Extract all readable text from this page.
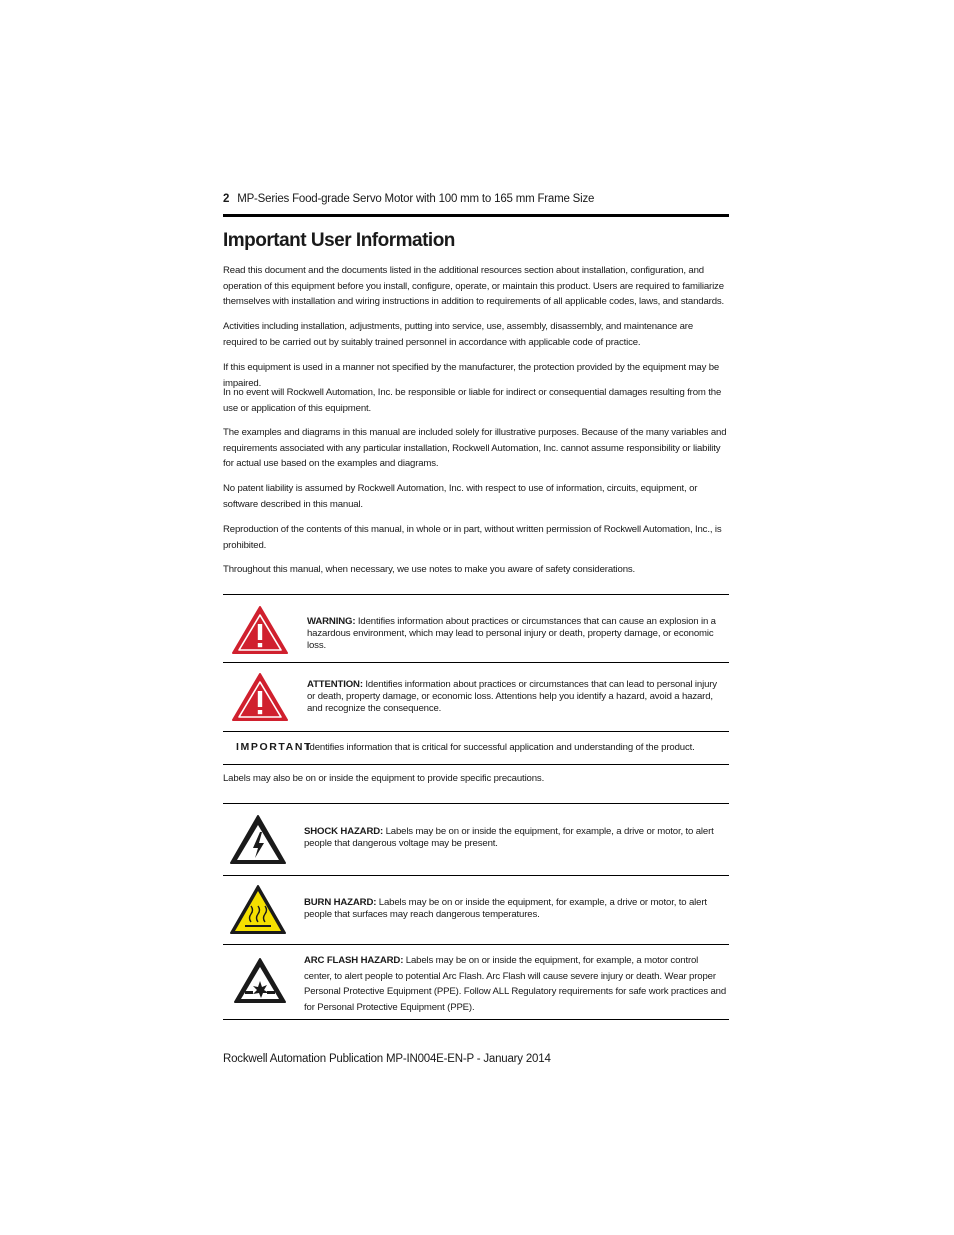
2 MP-Series Food-grade Servo Motor with 100 mm to 165 mm Frame Size
Important User Information

Read this document and the documents listed in the additional resources section about installation, configuration, and operation of this equipment before you install, configure, operate, or maintain this product. Users are required to familiarize themselves with installation and wiring instructions in addition to requirements of all applicable codes, laws, and standards.

Activities including installation, adjustments, putting into service, use, assembly, disassembly, and maintenance are required to be carried out by suitably trained personnel in accordance with applicable code of practice.

If this equipment is used in a manner not specified by the manufacturer, the protection provided by the equipment may be impaired.

In no event will Rockwell Automation, Inc. be responsible or liable for indirect or consequential damages resulting from the use or application of this equipment.

The examples and diagrams in this manual are included solely for illustrative purposes. Because of the many variables and requirements associated with any particular installation, Rockwell Automation, Inc. cannot assume responsibility or liability for actual use based on the examples and diagrams.

No patent liability is assumed by Rockwell Automation, Inc. with respect to use of information, circuits, equipment, or software described in this manual.

Reproduction of the contents of this manual, in whole or in part, without written permission of Rockwell Automation, Inc., is prohibited.

Throughout this manual, when necessary, we use notes to make you aware of safety considerations.

WARNING: Identifies information about practices or circumstances that can cause an explosion in a hazardous environment, which may lead to personal injury or death, property damage, or economic loss.
ATTENTION: Identifies information about practices or circumstances that can lead to personal injury or death, property damage, or economic loss. Attentions help you identify a hazard, avoid a hazard, and recognize the consequence.
IMPORTANT
Identifies information that is critical for successful application and understanding of the product.

Labels may also be on or inside the equipment to provide specific precautions.

SHOCK HAZARD: Labels may be on or inside the equipment, for example, a drive or motor, to alert people that dangerous voltage may be present.
BURN HAZARD: Labels may be on or inside the equipment, for example, a drive or motor, to alert people that surfaces may reach dangerous temperatures.
ARC FLASH HAZARD: Labels may be on or inside the equipment, for example, a motor control center, to alert people to potential Arc Flash. Arc Flash will cause severe injury or death. Wear proper Personal Protective Equipment (PPE). Follow ALL Regulatory requirements for safe work practices and for Personal Protective Equipment (PPE).
Rockwell Automation Publication MP-IN004E-EN-P - January 2014
